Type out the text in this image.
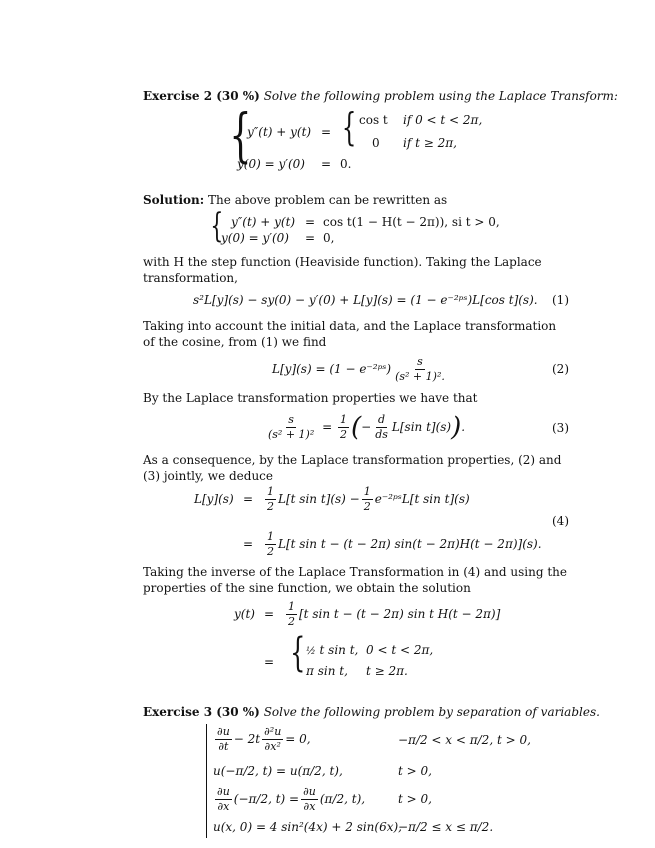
Exercise 2 (30 %) Solve the following problem using the Laplace Transform:
{
y″(t) + y(t) = { cos t if 0 < t < 2π,
0 if t ≥ 2π,
y(0) = y′(0) = 0.
Solution: The above problem can be rewritten as
{ y″(t) + y(t) = cos t(1 − H(t − 2π)), si t > 0,
y(0) = y′(0) = 0,
with H the step function (Heaviside function). Taking the Laplace transformation,
s²L[y](s) − sy(0) − y′(0) + L[y](s) = (1 − e⁻²ᵖˢ)L[cos t](s). (1)
Taking into account the initial data, and the Laplace transformation of the cosine, from (1) we find
L[y](s) = (1 − e⁻²ᵖˢ) $\frac{s}{\text{(s² + 1)².}}$	(2)
By the Laplace transformation properties we have that
$\frac{s}{\text{(s² + 1)²}} = \frac{1}{2}$ (− $\frac{d}{ds} L[\sin$ t](s)).	(3)
As a consequence, by the Laplace transformation properties, (2) and (3) jointly, we deduce
$L[y](s) = \frac{1}{2} L[t$ $\sin t](s) - \frac{1}{2}$ e⁻²ᵖˢL[t sin t](s)
(4)
= $\frac{1}{2} L[t$ sin t − (t − 2π) sin(t − 2π)H(t − 2π)](s).
Taking the inverse of the Laplace Transformation in (4) and using the properties of the sine function, we obtain the solution
$y(t) = \frac{1}{2} [t$ sin t − (t − 2π) sin t H(t − 2π)]
= { ½ t sin t, 0 < t < 2π,
π sin t, t ≥ 2π.
Exercise 3 (30 %) Solve the following problem by separation of variables.
$\frac{\partial u}{\partial t} - 2t \frac{\text{∂²u}}{\text{∂x²}} = 0$,	−π/2 < x < π/2, t > 0,
u(−π/2, t) = u(π/2, t),	t > 0,
$\frac{\partial u}{\partial x} (-\pi/2$, $t) = \frac{\partial u}{\partial x} (\pi/2$, t),	t > 0,
u(x, 0) = 4 sin²(4x) + 2 sin(6x),
−π/2 ≤ x ≤ π/2.
